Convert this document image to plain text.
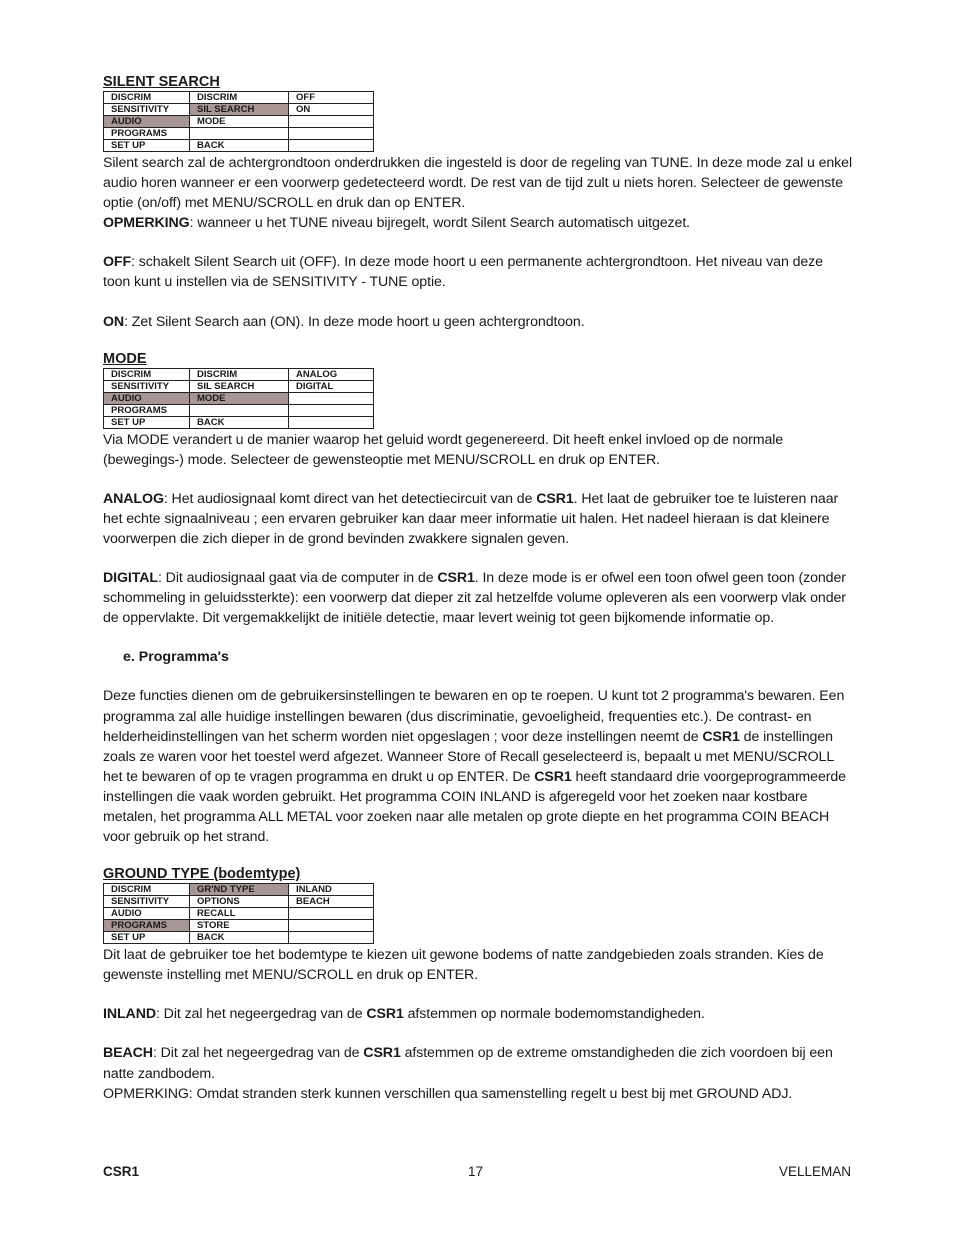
SILENT SEARCH

DISCRIM	DISCRIM	OFF
SENSITIVITY	SIL SEARCH	ON
AUDIO	MODE	
PROGRAMS		
SET UP	BACK	

Silent search zal de achtergrondtoon onderdrukken die ingesteld is door de regeling van TUNE. In deze mode zal u enkel audio horen wanneer er een voorwerp gedetecteerd wordt. De rest van de tijd zult u niets horen. Selecteer de gewenste optie (on/off) met MENU/SCROLL en druk dan op ENTER.

OPMERKING: wanneer u het TUNE niveau bijregelt, wordt Silent Search automatisch uitgezet.

OFF: schakelt Silent Search uit (OFF). In deze mode hoort u een permanente achtergrondtoon. Het niveau van deze toon kunt u instellen via de SENSITIVITY - TUNE optie.

ON: Zet Silent Search aan (ON). In deze mode hoort u geen achtergrondtoon.

MODE

DISCRIM	DISCRIM	ANALOG
SENSITIVITY	SIL SEARCH	DIGITAL
AUDIO	MODE	
PROGRAMS		
SET UP	BACK	

Via MODE verandert u de manier waarop het geluid wordt gegenereerd. Dit heeft enkel invloed op de normale (bewegings-) mode. Selecteer de gewensteoptie met MENU/SCROLL en druk op ENTER.

ANALOG: Het audiosignaal komt direct van het detectiecircuit van de CSR1. Het laat de gebruiker toe te luisteren naar het echte signaalniveau ; een ervaren gebruiker kan daar meer informatie uit halen. Het nadeel hieraan is dat kleinere voorwerpen die zich dieper in de grond bevinden zwakkere signalen geven.

DIGITAL: Dit audiosignaal gaat via de computer in de CSR1. In deze mode is er ofwel een toon ofwel geen toon (zonder schommeling in geluidssterkte): een voorwerp dat dieper zit zal hetzelfde volume opleveren als een voorwerp vlak onder de oppervlakte. Dit vergemakkelijkt de initiële detectie, maar levert weinig tot geen bijkomende informatie op.

e. Programma's

Deze functies dienen om de gebruikersinstellingen te bewaren en op te roepen. U kunt tot 2 programma's bewaren. Een programma zal alle huidige instellingen bewaren (dus discriminatie, gevoeligheid, frequenties etc.). De contrast- en helderheidinstellingen van het scherm worden niet opgeslagen ; voor deze instellingen neemt de CSR1 de instellingen zoals ze waren voor het toestel werd afgezet. Wanneer Store of Recall geselecteerd is, bepaalt u met MENU/SCROLL het te bewaren of op te vragen programma en drukt u op ENTER. De CSR1 heeft standaard drie voorgeprogrammeerde instellingen die vaak worden gebruikt. Het programma COIN INLAND is afgeregeld voor het zoeken naar kostbare metalen, het programma ALL METAL voor zoeken naar alle metalen op grote diepte en het programma COIN BEACH voor gebruik op het strand.

GROUND TYPE (bodemtype)

DISCRIM	GR'ND TYPE	INLAND
SENSITIVITY	OPTIONS	BEACH
AUDIO	RECALL	
PROGRAMS	STORE	
SET UP	BACK	

Dit laat de gebruiker toe het bodemtype te kiezen uit gewone bodems of natte zandgebieden zoals stranden. Kies de gewenste instelling met MENU/SCROLL en druk op ENTER.

INLAND: Dit zal het negeergedrag van de CSR1 afstemmen op normale bodemomstandigheden.

BEACH: Dit zal het negeergedrag van de CSR1 afstemmen op de extreme omstandigheden die zich voordoen bij een natte zandbodem.

OPMERKING: Omdat stranden sterk kunnen verschillen qua samenstelling regelt u best bij met GROUND ADJ.

CSR1	17	VELLEMAN
